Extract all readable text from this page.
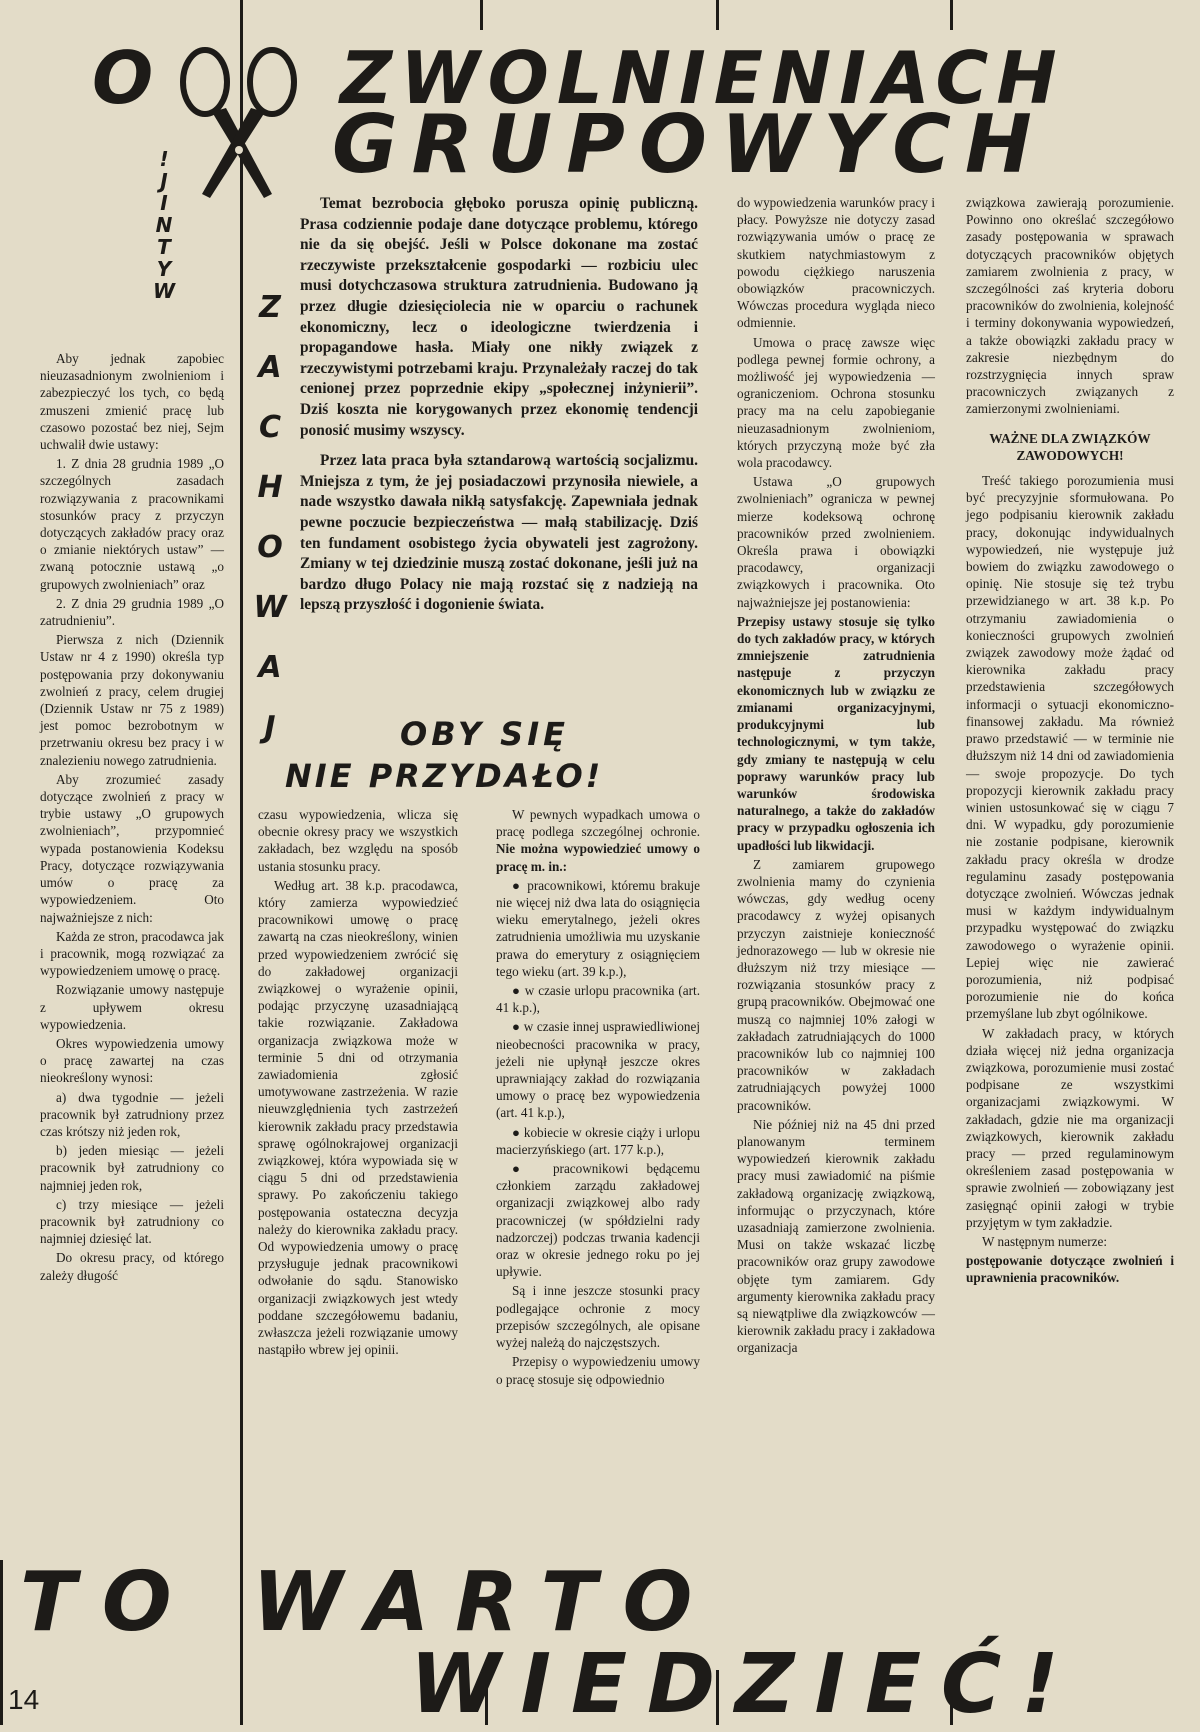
O	ZWOLNIENIACH
GRUPOWYCH
!
J
I
N
T
Y
W	Z
A
C
H
O
W
A
J

Temat bezrobocia głęboko porusza opinię publiczną. Prasa codziennie podaje dane dotyczące problemu, którego nie da się obejść. Jeśli w Polsce dokonane ma zostać rzeczywiste przekształcenie gospodarki — rozbiciu ulec musi dotychczasowa struktura zatrudnienia. Budowano ją przez długie dziesięciolecia nie w oparciu o rachunek ekonomiczny, lecz o ideologiczne twierdzenia i propagandowe hasła. Miały one nikły związek z rzeczywistymi potrzebami kraju. Przynależały raczej do tak cenionej przez poprzednie ekipy „społecznej inżynierii”. Dziś koszta nie korygowanych przez ekonomię tendencji ponosić musimy wszyscy.

Przez lata praca była sztandarową wartością socjalizmu. Mniejsza z tym, że jej posiadaczowi przynosiła niewiele, a nade wszystko dawała nikłą satysfakcję. Zapewniała jednak pewne poczucie bezpieczeństwa — małą stabilizację. Dziś ten fundament osobistego życia obywateli jest zagrożony. Zmiany w tej dziedzinie muszą zostać dokonane, jeśli już na bardzo długo Polacy nie mają rozstać się z nadzieją na lepszą przyszłość i dogonienie świata.

OBY SIĘ
NIE PRZYDAŁO!

Aby jednak zapobiec nieuzasadnionym zwolnieniom i zabezpieczyć los tych, co będą zmuszeni zmienić pracę lub czasowo pozostać bez niej, Sejm uchwalił dwie ustawy:

1. Z dnia 28 grudnia 1989 „O szczególnych zasadach rozwiązywania z pracownikami stosunków pracy z przyczyn dotyczących zakładów pracy oraz o zmianie niektórych ustaw” — zwaną potocznie ustawą „o grupowych zwolnieniach” oraz

2. Z dnia 29 grudnia 1989 „O zatrudnieniu”.

Pierwsza z nich (Dziennik Ustaw nr 4 z 1990) określa typ postępowania przy dokonywaniu zwolnień z pracy, celem drugiej (Dziennik Ustaw nr 75 z 1989) jest pomoc bezrobotnym w przetrwaniu okresu bez pracy i w znalezieniu nowego zatrudnienia.

Aby zrozumieć zasady dotyczące zwolnień z pracy w trybie ustawy „O grupowych zwolnieniach”, przypomnieć wypada postanowienia Kodeksu Pracy, dotyczące rozwiązywania umów o pracę za wypowiedzeniem. Oto najważniejsze z nich:

Każda ze stron, pracodawca jak i pracownik, mogą rozwiązać za wypowiedzeniem umowę o pracę.

Rozwiązanie umowy następuje z upływem okresu wypowiedzenia.

Okres wypowiedzenia umowy o pracę zawartej na czas nieokreślony wynosi:

a) dwa tygodnie — jeżeli pracownik był zatrudniony przez czas krótszy niż jeden rok,

b) jeden miesiąc — jeżeli pracownik był zatrudniony co najmniej jeden rok,

c) trzy miesiące — jeżeli pracownik był zatrudniony co najmniej dziesięć lat.

Do okresu pracy, od którego zależy długość

czasu wypowiedzenia, wlicza się obecnie okresy pracy we wszystkich zakładach, bez względu na sposób ustania stosunku pracy.

Według art. 38 k.p. pracodawca, który zamierza wypowiedzieć pracownikowi umowę o pracę zawartą na czas nieokreślony, winien przed wypowiedzeniem zwrócić się do zakładowej organizacji związkowej o wyrażenie opinii, podając przyczynę uzasadniającą takie rozwiązanie. Zakładowa organizacja związkowa może w terminie 5 dni od otrzymania zawiadomienia zgłosić umotywowane zastrzeżenia. W razie nieuwzględnienia tych zastrzeżeń kierownik zakładu pracy przedstawia sprawę ogólnokrajowej organizacji związkowej, która wypowiada się w ciągu 5 dni od przedstawienia sprawy. Po zakończeniu takiego postępowania ostateczna decyzja należy do kierownika zakładu pracy. Od wypowiedzenia umowy o pracę przysługuje jednak pracownikowi odwołanie do sądu. Stanowisko organizacji związkowych jest wtedy poddane szczegółowemu badaniu, zwłaszcza jeżeli rozwiązanie umowy nastąpiło wbrew jej opinii.

W pewnych wypadkach umowa o pracę podlega szczególnej ochronie. Nie można wypowiedzieć umowy o pracę m. in.:

● pracownikowi, któremu brakuje nie więcej niż dwa lata do osiągnięcia wieku emerytalnego, jeżeli okres zatrudnienia umożliwia mu uzyskanie prawa do emerytury z osiągnięciem tego wieku (art. 39 k.p.),

● w czasie urlopu pracownika (art. 41 k.p.),

● w czasie innej usprawiedliwionej nieobecności pracownika w pracy, jeżeli nie upłynął jeszcze okres uprawniający zakład do rozwiązania umowy o pracę bez wypowiedzenia (art. 41 k.p.),

● kobiecie w okresie ciąży i urlopu macierzyńskiego (art. 177 k.p.),

● pracownikowi będącemu członkiem zarządu zakładowej organizacji związkowej albo rady pracowniczej (w spółdzielni rady nadzorczej) podczas trwania kadencji oraz w okresie jednego roku po jej upływie.

Są i inne jeszcze stosunki pracy podlegające ochronie z mocy przepisów szczególnych, ale opisane wyżej należą do najczęstszych.

Przepisy o wypowiedzeniu umowy o pracę stosuje się odpowiednio

do wypowiedzenia warunków pracy i płacy. Powyższe nie dotyczy zasad rozwiązywania umów o pracę ze skutkiem natychmiastowym z powodu ciężkiego naruszenia obowiązków pracowniczych. Wówczas procedura wygląda nieco odmiennie.

Umowa o pracę zawsze więc podlega pewnej formie ochrony, a możliwość jej wypowiedzenia — ograniczeniom. Ochrona stosunku pracy ma na celu zapobieganie nieuzasadnionym zwolnieniom, których przyczyną może być zła wola pracodawcy.

Ustawa „O grupowych zwolnieniach” ogranicza w pewnej mierze kodeksową ochronę pracowników przed zwolnieniem. Określa prawa i obowiązki pracodawcy, organizacji związkowych i pracownika. Oto najważniejsze jej postanowienia:

Przepisy ustawy stosuje się tylko do tych zakładów pracy, w których zmniejszenie zatrudnienia następuje z przyczyn ekonomicznych lub w związku ze zmianami organizacyjnymi, produkcyjnymi lub technologicznymi, w tym także, gdy zmiany te następują w celu poprawy warunków pracy lub warunków środowiska naturalnego, a także do zakładów pracy w przypadku ogłoszenia ich upadłości lub likwidacji.

Z zamiarem grupowego zwolnienia mamy do czynienia wówczas, gdy według oceny pracodawcy z wyżej opisanych przyczyn zaistnieje konieczność jednorazowego — lub w okresie nie dłuższym niż trzy miesiące — rozwiązania stosunków pracy z grupą pracowników. Obejmować one muszą co najmniej 10% załogi w zakładach zatrudniających do 1000 pracowników lub co najmniej 100 pracowników w zakładach zatrudniających powyżej 1000 pracowników.

Nie później niż na 45 dni przed planowanym terminem wypowiedzeń kierownik zakładu pracy musi zawiadomić na piśmie zakładową organizację związkową, informując o przyczynach, które uzasadniają zamierzone zwolnienia. Musi on także wskazać liczbę pracowników oraz grupy zawodowe objęte tym zamiarem. Gdy argumenty kierownika zakładu pracy są niewątpliwe dla związkowców — kierownik zakładu pracy i zakładowa organizacja

związkowa zawierają porozumienie. Powinno ono określać szczegółowo zasady postępowania w sprawach dotyczących pracowników objętych zamiarem zwolnienia z pracy, w szczególności zaś kryteria doboru pracowników do zwolnienia, kolejność i terminy dokonywania wypowiedzeń, a także obowiązki zakładu pracy w zakresie niezbędnym do rozstrzygnięcia innych spraw pracowniczych związanych z zamierzonymi zwolnieniami.

WAŻNE DLA ZWIĄZKÓW ZAWODOWYCH!

Treść takiego porozumienia musi być precyzyjnie sformułowana. Po jego podpisaniu kierownik zakładu pracy, dokonując indywidualnych wypowiedzeń, nie występuje już bowiem do związku zawodowego o opinię. Nie stosuje się też trybu przewidzianego w art. 38 k.p. Po otrzymaniu zawiadomienia o konieczności grupowych zwolnień związek zawodowy może żądać od kierownika zakładu pracy przedstawienia szczegółowych informacji o sytuacji ekonomiczno-finansowej zakładu. Ma również prawo przedstawić — w terminie nie dłuższym niż 14 dni od zawiadomienia — swoje propozycje. Do tych propozycji kierownik zakładu pracy winien ustosunkować się w ciągu 7 dni. W wypadku, gdy porozumienie nie zostanie podpisane, kierownik zakładu pracy określa w drodze regulaminu zasady postępowania dotyczące zwolnień. Wówczas jednak musi w każdym indywidualnym przypadku występować do związku zawodowego o wyrażenie opinii. Lepiej więc nie zawierać porozumienia, niż podpisać porozumienie nie do końca przemyślane lub zbyt ogólnikowe.

W zakładach pracy, w których działa więcej niż jedna organizacja związkowa, porozumienie musi zostać podpisane ze wszystkimi organizacjami związkowymi. W zakładach, gdzie nie ma organizacji związkowych, kierownik zakładu pracy — przed regulaminowym określeniem zasad postępowania w sprawie zwolnień — zobowiązany jest zasięgnąć opinii załogi w trybie przyjętym w tym zakładzie.

W następnym numerze:

postępowanie dotyczące zwolnień i uprawnienia pracowników.

TO WARTO
WIEDZIEĆ!
14
